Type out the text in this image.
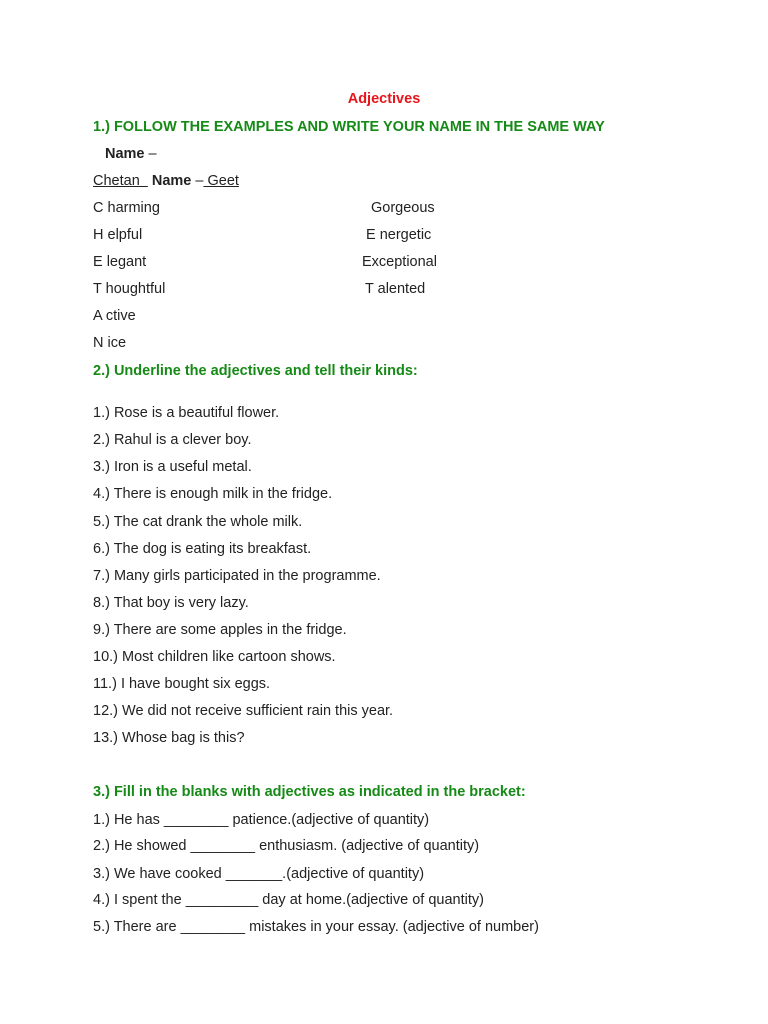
Adjectives
1.) FOLLOW THE EXAMPLES AND WRITE YOUR NAME IN THE SAME WAY
Name –
Chetan   Name – Geet
C harming
H elpful
E legant
T houghtful
A ctive
N ice
Gorgeous
E nergetic
Exceptional
T alented
2.) Underline the adjectives and tell their kinds:
1.) Rose is a beautiful flower.
2.) Rahul is a clever boy.
3.) Iron is a useful metal.
4.) There is enough milk in the fridge.
5.) The cat drank the whole milk.
6.) The dog is eating its breakfast.
7.) Many girls participated in the programme.
8.) That boy is very lazy.
9.) There are some apples in the fridge.
10.) Most children like cartoon shows.
11.) I have bought six eggs.
12.) We did not receive sufficient rain this year.
13.) Whose bag is this?
3.) Fill in the blanks with adjectives as indicated in the bracket:
1.) He has ________ patience.(adjective of quantity)
2.) He showed ________ enthusiasm. (adjective of quantity)
3.) We have cooked _______.(adjective of quantity)
4.) I spent the _________ day at home.(adjective of quantity)
5.) There are ________ mistakes in your essay. (adjective of number)
